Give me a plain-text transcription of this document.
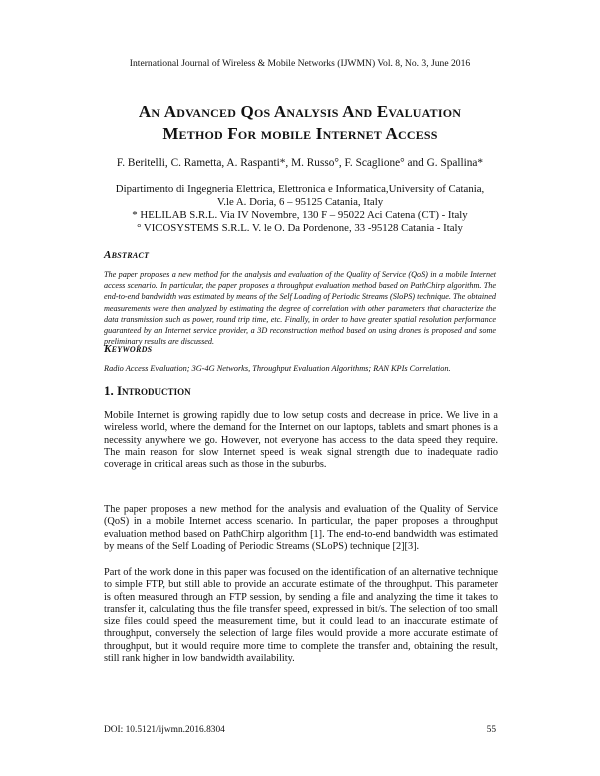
International Journal of Wireless & Mobile Networks (IJWMN) Vol. 8, No. 3, June 2016
An Advanced Qos Analysis And Evaluation
Method For mobile Internet Access
F. Beritelli, C. Rametta, A. Raspanti*, M. Russo°, F. Scaglione° and G. Spallina*
Dipartimento di Ingegneria Elettrica, Elettronica e Informatica,University of Catania,
V.le A. Doria, 6 – 95125 Catania, Italy
* HELILAB S.R.L. Via IV Novembre, 130 F – 95022 Aci Catena (CT) - Italy
° VICOSYSTEMS S.R.L. V. le O. Da Pordenone, 33 -95128 Catania - Italy
Abstract
The paper proposes a new method for the analysis and evaluation of the Quality of Service (QoS) in a mobile Internet access scenario. In particular, the paper proposes a throughput evaluation method based on PathChirp algorithm. The end-to-end bandwidth was estimated by means of the Self Loading of Periodic Streams (SloPS) technique. The obtained measurements were then analyzed by estimating the degree of correlation with other parameters that characterize the data transmission such as power, round trip time, etc. Finally, in order to have greater spatial resolution performance guaranteed by an Internet service provider, a 3D reconstruction method based on using drones is proposed and some preliminary results are discussed.
Keywords
Radio Access Evaluation; 3G-4G Networks, Throughput Evaluation Algorithms; RAN KPIs Correlation.
1. Introduction
Mobile Internet is growing rapidly due to low setup costs and decrease in price. We live in a wireless world, where the demand for the Internet on our laptops, tablets and smart phones is a necessity anywhere we go. However, not everyone has access to the data speed they require. The main reason for slow Internet speed is weak signal strength due to inadequate radio coverage in critical areas such as those in the suburbs.
The paper proposes a new method for the analysis and evaluation of the Quality of Service (QoS) in a mobile Internet access scenario. In particular, the paper proposes a throughput evaluation method based on PathChirp algorithm [1]. The end-to-end bandwidth was estimated by means of the Self Loading of Periodic Streams (SLoPS) technique [2][3].
Part of the work done in this paper was focused on the identification of an alternative technique to simple FTP, but still able to provide an accurate estimate of the throughput. This parameter is often measured through an FTP session, by sending a file and analyzing the time it takes to transfer it, calculating thus the file transfer speed, expressed in bit/s. The selection of too small size files could speed the measurement time, but it could lead to an inaccurate estimate of throughput, conversely the selection of large files would provide a more accurate estimate of throughput, but it would require more time to complete the transfer and, obtaining the result, still rank higher in low bandwidth availability.
DOI: 10.5121/ijwmn.2016.8304	55
